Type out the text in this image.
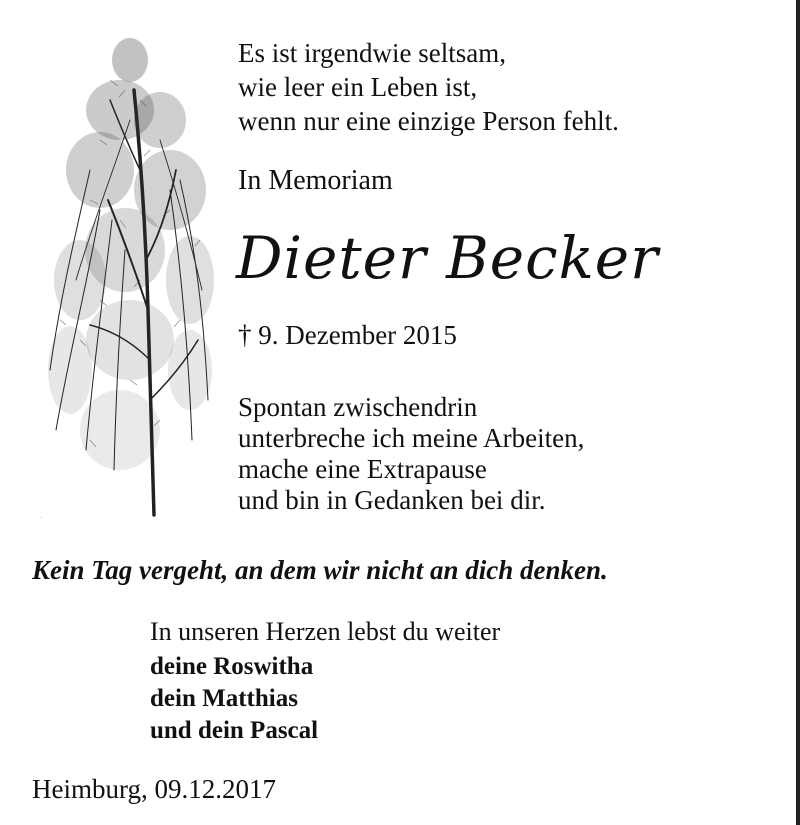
·
Es ist irgendwie seltsam,
wie leer ein Leben ist,
wenn nur eine einzige Person fehlt.

In Memoriam

Dieter Becker

† 9. Dezember 2015

Spontan zwischendrin
unterbreche ich meine Arbeiten,
mache eine Extrapause
und bin in Gedanken bei dir.

Kein Tag vergeht, an dem wir nicht an dich denken.

In unseren Herzen lebst du weiter

deine Roswitha
dein Matthias
und dein Pascal

Heimburg, 09.12.2017
